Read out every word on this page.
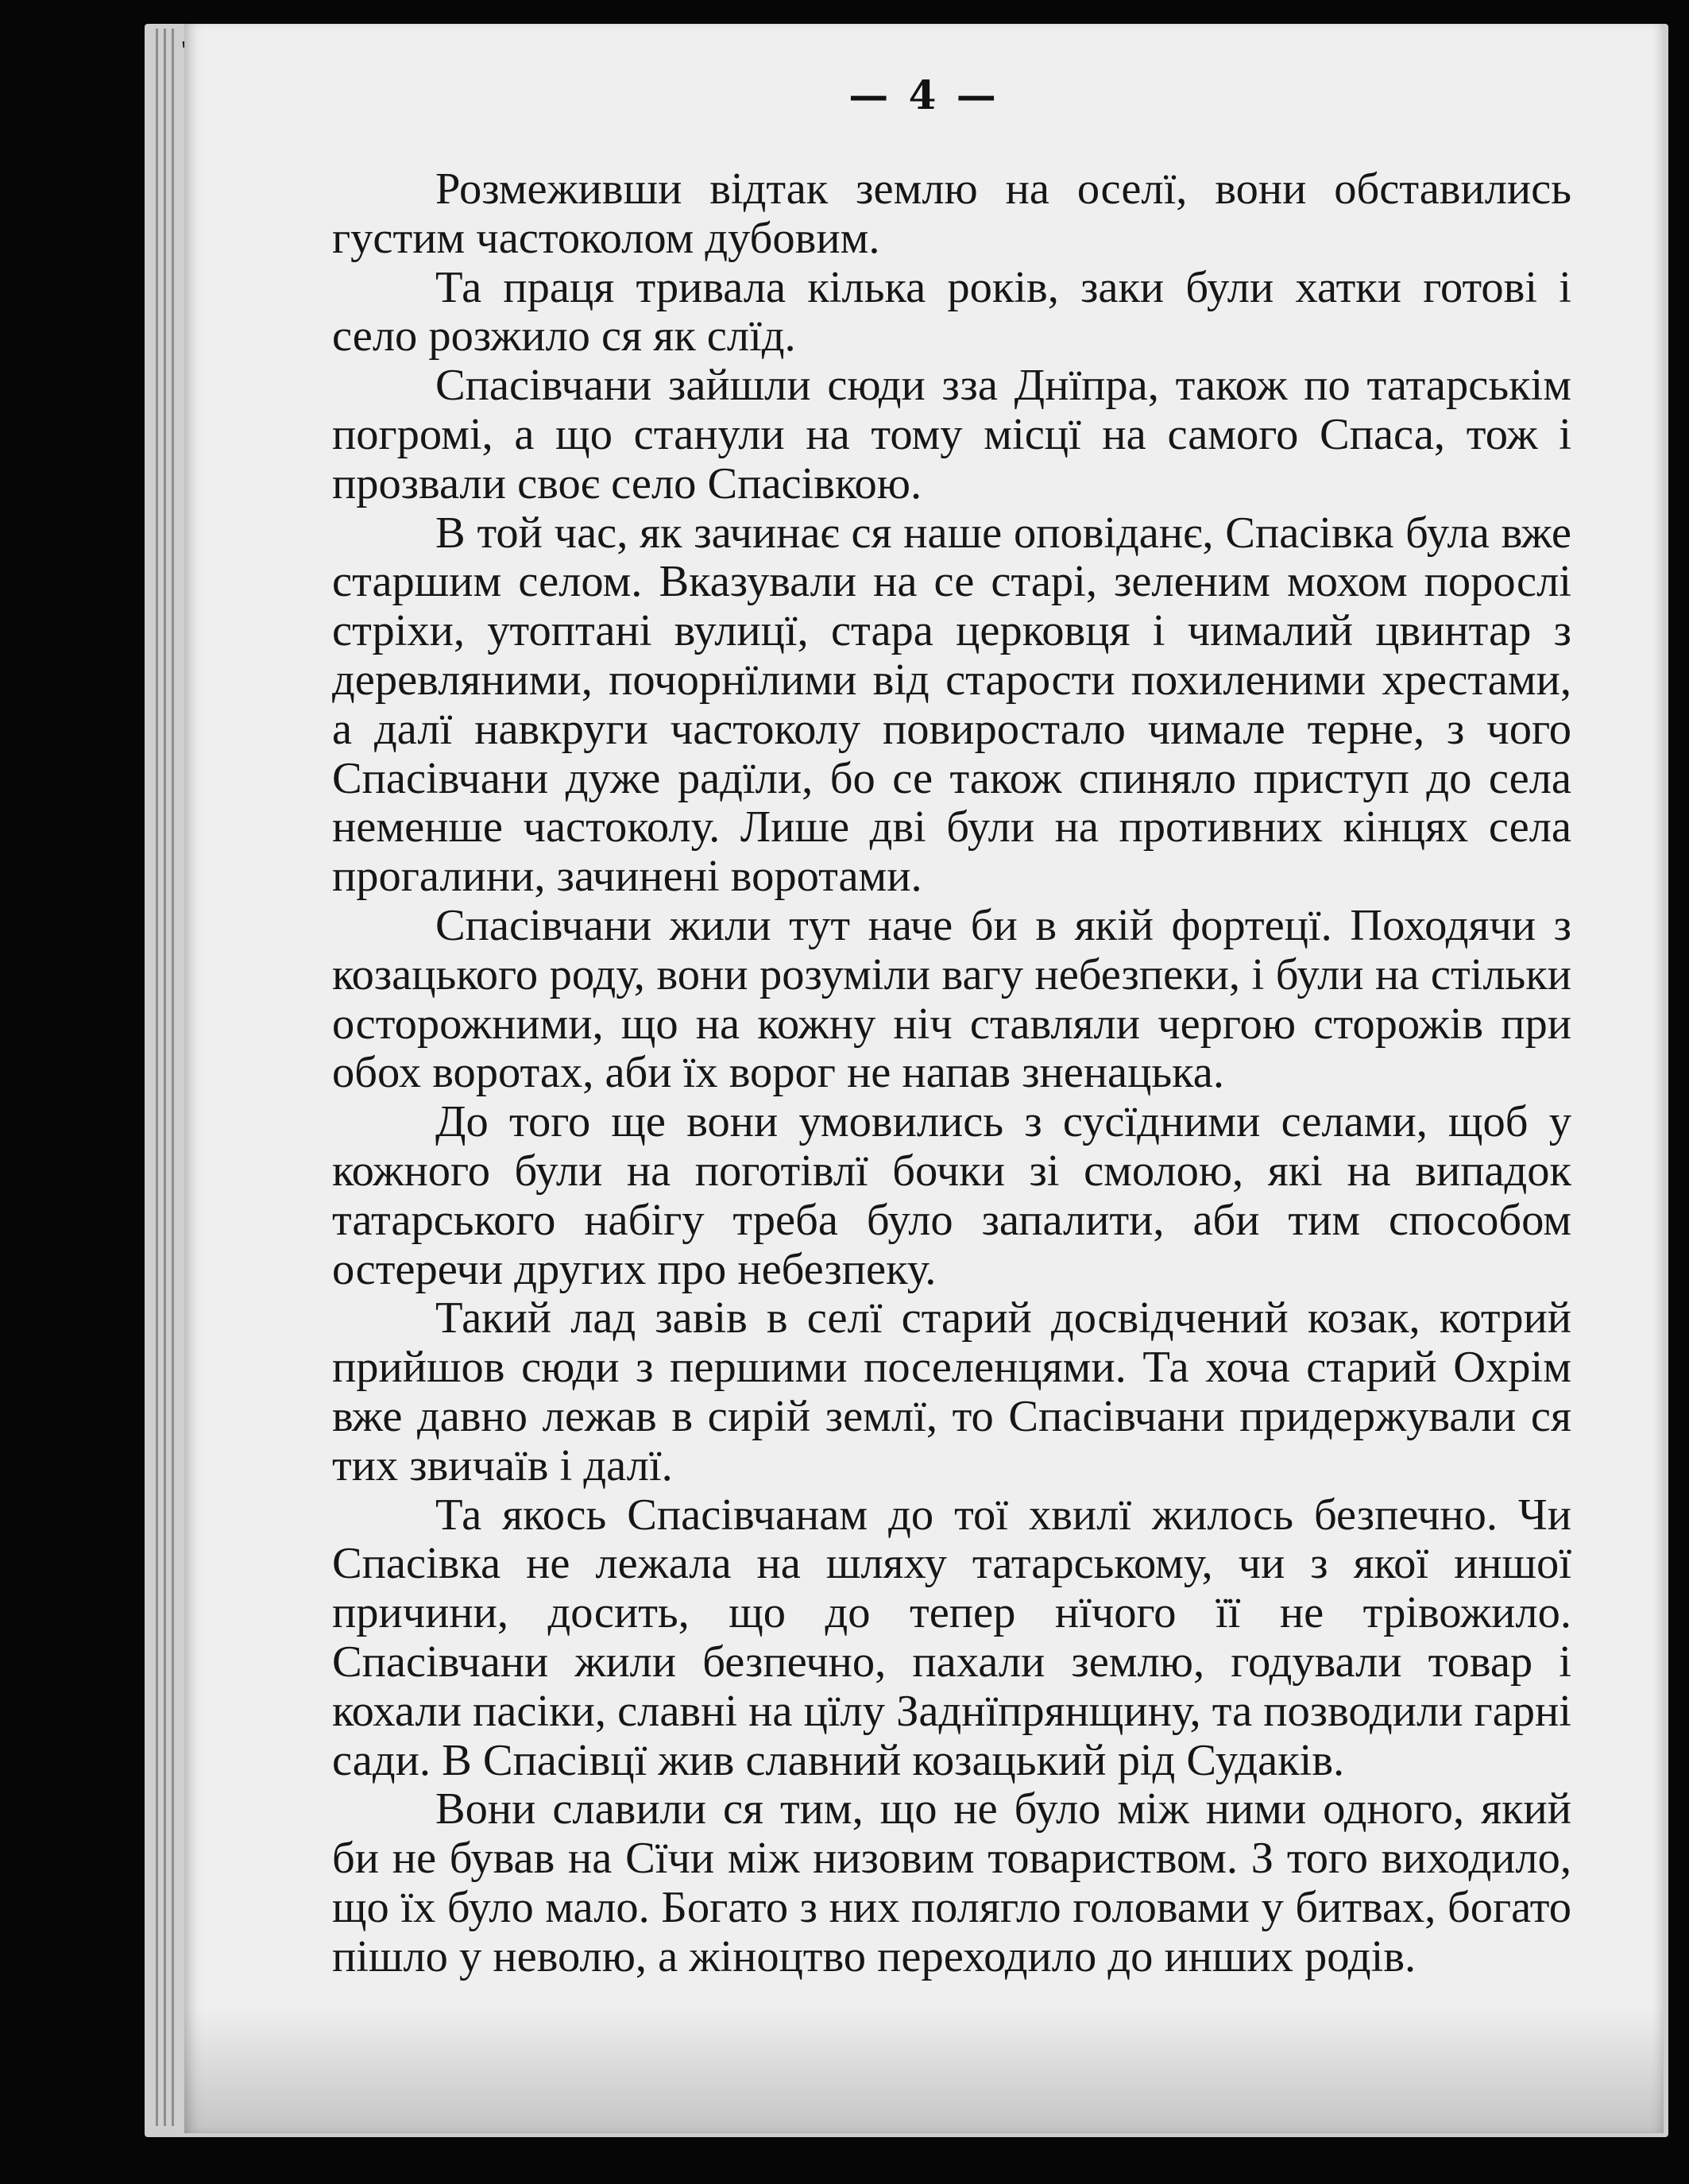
— 4 —

Розмеживши відтак землю на оселї, вони обставились густим частоколом дубовим.

Та праця тривала кілька років, заки були хатки готові і село розжило ся як слїд.

Спасівчани зайшли сюди зза Днїпра, також по татарськім погромі, а що станули на тому місцї на самого Спаса, тож і прозвали своє село Спасівкою.

В той час, як зачинає ся наше оповіданє, Спасівка була вже старшим селом. Вказували на се старі, зеленим мохом порослі стріхи, утоптані вулицї, стара церковця і чималий цвинтар з деревляними, почорнїлими від старости похиленими хрестами, а далї навкруги частоколу повиростало чимале терне, з чого Спасівчани дуже радїли, бо се також спиняло приступ до села неменше частоколу. Лише дві були на противних кінцях села прогалини, зачинені воротами.

Спасівчани жили тут наче би в якій фортецї. Походячи з козацького роду, вони розуміли вагу небезпеки, і були на стільки осторожними, що на кожну ніч ставляли чергою сторожів при обох воротах, аби їх ворог не напав зненацька.

До того ще вони умовились з сусїдними селами, щоб у кожного були на поготівлї бочки зі смолою, які на випадок татарського набігу треба було запалити, аби тим способом остеречи других про небезпеку.

Такий лад завів в селї старий досвідчений козак, котрий прийшов сюди з першими поселенцями. Та хоча старий Охрім вже давно лежав в сирій землї, то Спасівчани придержували ся тих звичаїв і далї.

Та якось Спасівчанам до тої хвилї жилось безпечно. Чи Спасівка не лежала на шляху татарському, чи з якої иншої причини, досить, що до тепер нїчого її не трівожило. Спасівчани жили безпечно, пахали землю, годували товар і кохали пасіки, славні на цїлу Заднїпрянщину, та позводили гарні сади. В Спасівцї жив славний козацький рід Судаків.

Вони славили ся тим, що не було між ними одного, який би не бував на Сїчи між низовим товариством. З того виходило, що їх було мало. Богато з них полягло головами у битвах, богато пішло у неволю, а жіноцтво переходило до инших родів.
